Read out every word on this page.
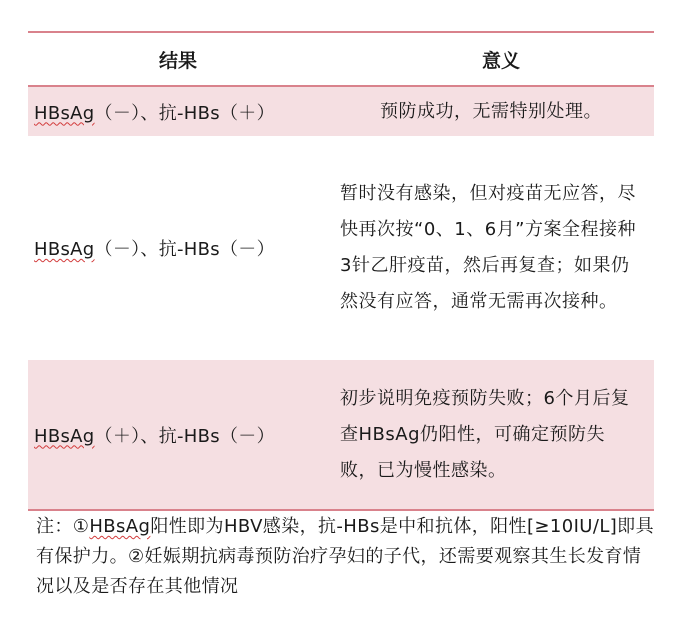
结果	意义
HBsAg（－）、抗-HBs（＋）	预防成功，无需特别处理。
HBsAg（－）、抗-HBs（－）	暂时没有感染，但对疫苗无应答，尽快再次按“0、1、6月”方案全程接种3针乙肝疫苗，然后再复查；如果仍然没有应答，通常无需再次接种。
HBsAg（＋）、抗-HBs（－）	初步说明免疫预防失败；6个月后复查HBsAg仍阳性，可确定预防失败，已为慢性感染。
注：①HBsAg阳性即为HBV感染，抗-HBs是中和抗体，阳性[≥10IU/L]即具有保护力。②妊娠期抗病毒预防治疗孕妇的子代，还需要观察其生长发育情况以及是否存在其他情况
